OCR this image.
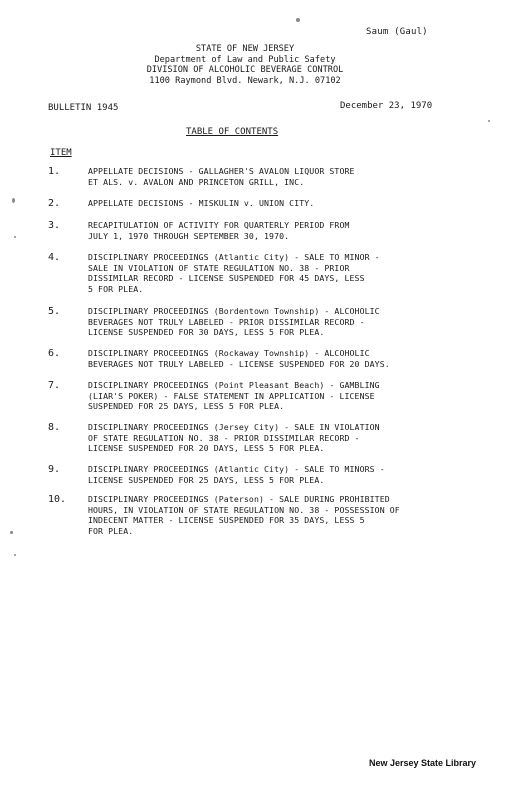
Saum (Gaul)
STATE OF NEW JERSEY
Department of Law and Public Safety
DIVISION OF ALCOHOLIC BEVERAGE CONTROL
1100 Raymond Blvd. Newark, N.J. 07102
BULLETIN 1945	December 23, 1970
TABLE OF CONTENTS
ITEM
1.	APPELLATE DECISIONS - GALLAGHER'S AVALON LIQUOR STORE
ET ALS. v. AVALON AND PRINCETON GRILL, INC.
2.	APPELLATE DECISIONS - MISKULIN v. UNION CITY.
3.	RECAPITULATION OF ACTIVITY FOR QUARTERLY PERIOD FROM
JULY 1, 1970 THROUGH SEPTEMBER 30, 1970.
4.	DISCIPLINARY PROCEEDINGS (Atlantic City) - SALE TO MINOR -
SALE IN VIOLATION OF STATE REGULATION NO. 38 - PRIOR
DISSIMILAR RECORD - LICENSE SUSPENDED FOR 45 DAYS, LESS
5 FOR PLEA.
5.	DISCIPLINARY PROCEEDINGS (Bordentown Township) - ALCOHOLIC
BEVERAGES NOT TRULY LABELED - PRIOR DISSIMILAR RECORD -
LICENSE SUSPENDED FOR 30 DAYS, LESS 5 FOR PLEA.
6.	DISCIPLINARY PROCEEDINGS (Rockaway Township) - ALCOHOLIC
BEVERAGES NOT TRULY LABELED - LICENSE SUSPENDED FOR 20 DAYS.
7.	DISCIPLINARY PROCEEDINGS (Point Pleasant Beach) - GAMBLING
(LIAR'S POKER) - FALSE STATEMENT IN APPLICATION - LICENSE
SUSPENDED FOR 25 DAYS, LESS 5 FOR PLEA.
8.	DISCIPLINARY PROCEEDINGS (Jersey City) - SALE IN VIOLATION
OF STATE REGULATION NO. 38 - PRIOR DISSIMILAR RECORD -
LICENSE SUSPENDED FOR 20 DAYS, LESS 5 FOR PLEA.
9.	DISCIPLINARY PROCEEDINGS (Atlantic City) - SALE TO MINORS -
LICENSE SUSPENDED FOR 25 DAYS, LESS 5 FOR PLEA.
10.	DISCIPLINARY PROCEEDINGS (Paterson) - SALE DURING PROHIBITED
HOURS, IN VIOLATION OF STATE REGULATION NO. 38 - POSSESSION OF
INDECENT MATTER - LICENSE SUSPENDED FOR 35 DAYS, LESS 5
FOR PLEA.
New Jersey State Library
